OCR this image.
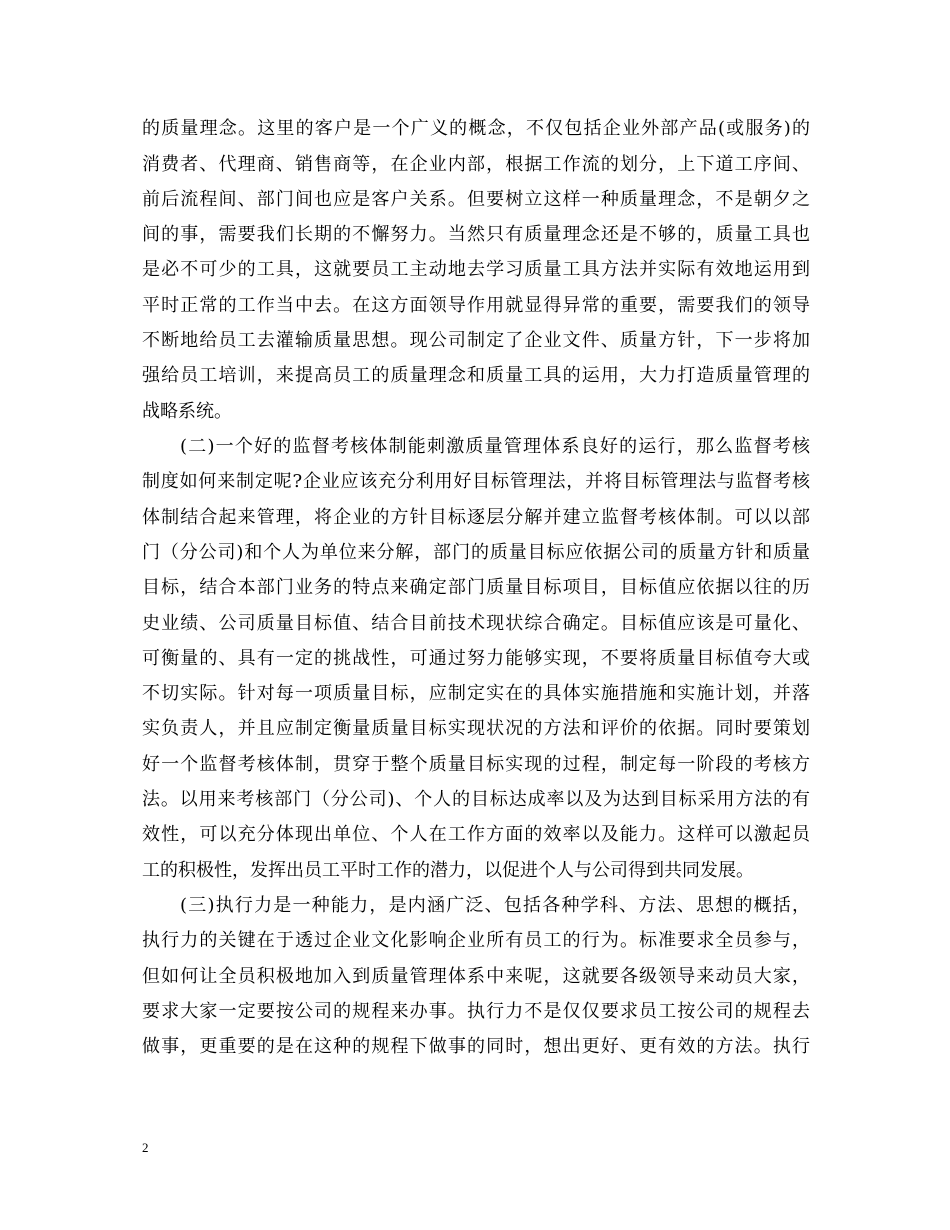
的质量理念。这里的客户是一个广义的概念，不仅包括企业外部产品(或服务)的
消费者、代理商、销售商等，在企业内部，根据工作流的划分，上下道工序间、
前后流程间、部门间也应是客户关系。但要树立这样一种质量理念，不是朝夕之
间的事，需要我们长期的不懈努力。当然只有质量理念还是不够的，质量工具也
是必不可少的工具，这就要员工主动地去学习质量工具方法并实际有效地运用到
平时正常的工作当中去。在这方面领导作用就显得异常的重要，需要我们的领导
不断地给员工去灌输质量思想。现公司制定了企业文件、质量方针，下一步将加
强给员工培训，来提高员工的质量理念和质量工具的运用，大力打造质量管理的
战略系统。
(二)一个好的监督考核体制能刺激质量管理体系良好的运行，那么监督考核
制度如何来制定呢?企业应该充分利用好目标管理法，并将目标管理法与监督考核
体制结合起来管理，将企业的方针目标逐层分解并建立监督考核体制。可以以部
门（分公司)和个人为单位来分解，部门的质量目标应依据公司的质量方针和质量
目标，结合本部门业务的特点来确定部门质量目标项目，目标值应依据以往的历
史业绩、公司质量目标值、结合目前技术现状综合确定。目标值应该是可量化、
可衡量的、具有一定的挑战性，可通过努力能够实现，不要将质量目标值夸大或
不切实际。针对每一项质量目标，应制定实在的具体实施措施和实施计划，并落
实负责人，并且应制定衡量质量目标实现状况的方法和评价的依据。同时要策划
好一个监督考核体制，贯穿于整个质量目标实现的过程，制定每一阶段的考核方
法。以用来考核部门（分公司)、个人的目标达成率以及为达到目标采用方法的有
效性，可以充分体现出单位、个人在工作方面的效率以及能力。这样可以激起员
工的积极性，发挥出员工平时工作的潜力，以促进个人与公司得到共同发展。
(三)执行力是一种能力，是内涵广泛、包括各种学科、方法、思想的概括，
执行力的关键在于透过企业文化影响企业所有员工的行为。标准要求全员参与，
但如何让全员积极地加入到质量管理体系中来呢，这就要各级领导来动员大家，
要求大家一定要按公司的规程来办事。执行力不是仅仅要求员工按公司的规程去
做事，更重要的是在这种的规程下做事的同时，想出更好、更有效的方法。执行
2
